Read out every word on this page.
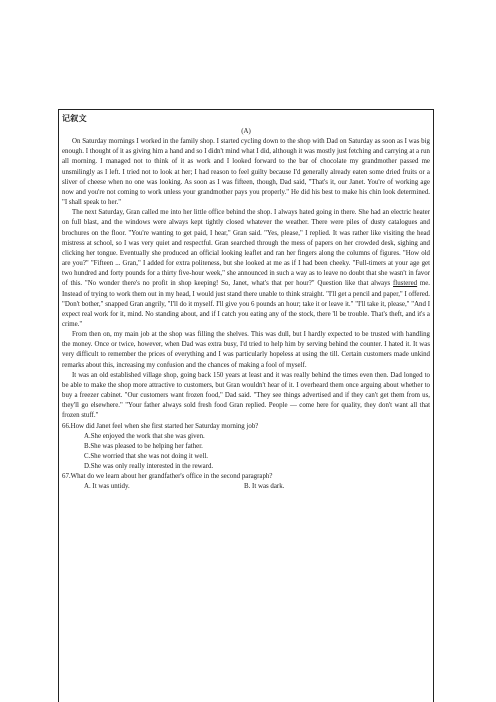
记叙文

(A)

On Saturday mornings I worked in the family shop. I started cycling down to the shop with Dad on Saturday as soon as I was big enough. I thought of it as giving him a hand and so I didn't mind what I did, although it was mostly just fetching and carrying at a run all morning. I managed not to think of it as work and I looked forward to the bar of chocolate my grandmother passed me unsmilingly as I left. I tried not to look at her; I had reason to feel guilty because I'd generally already eaten some dried fruits or a sliver of cheese when no one was looking. As soon as I was fifteen, though, Dad said, "That's it, our Janet. You're of working age now and you're not coming to work unless your grandmother pays you properly." He did his best to make his chin look determined. "I shall speak to her."

The next Saturday, Gran called me into her little office behind the shop. I always hated going in there. She had an electric heater on full blast, and the windows were always kept tightly closed whatever the weather. There were piles of dusty catalogues and brochures on the floor. "You're wanting to get paid, I hear," Gran said. "Yes, please," I replied. It was rather like visiting the head mistress at school, so I was very quiet and respectful. Gran searched through the mess of papers on her crowded desk, sighing and clicking her tongue. Eventually she produced an official looking leaflet and ran her fingers along the columns of figures. "How old are you?" "Fifteen ... Gran," I added for extra politeness, but she looked at me as if I had been cheeky. "Full-timers at your age get two hundred and forty pounds for a thirty five-hour week," she announced in such a way as to leave no doubt that she wasn't in favor of this. "No wonder there's no profit in shop keeping! So, Janet, what's that per hour?" Question like that always flustered me. Instead of trying to work them out in my head, I would just stand there unable to think straight. "I'll get a pencil and paper," I offered. "Don't bother," snapped Gran angrily, "I'll do it myself. I'll give you 6 pounds an hour; take it or leave it." "I'll take it, please," "And I expect real work for it, mind. No standing about, and if I catch you eating any of the stock, there 'll be trouble. That's theft, and it's a crime."

From then on, my main job at the shop was filling the shelves. This was dull, but I hardly expected to be trusted with handling the money. Once or twice, however, when Dad was extra busy, I'd tried to help him by serving behind the counter. I hated it. It was very difficult to remember the prices of everything and I was particularly hopeless at using the till. Certain customers made unkind remarks about this, increasing my confusion and the chances of making a fool of myself.

It was an old established village shop, going back 150 years at least and it was really behind the times even then. Dad longed to be able to make the shop more attractive to customers, but Gran wouldn't hear of it. I overheard them once arguing about whether to buy a freezer cabinet. "Our customers want frozen food," Dad said. "They see things advertised and if they can't get them from us, they'll go elsewhere." "Your father always sold fresh food Gran replied. People — come here for quality, they don't want all that frozen stuff."

66.How did Janet feel when she first started her Saturday morning job?

A.She enjoyed the work that she was given.

B.She was pleased to be helping her father.

C.She worried that she was not doing it well.

D.She was only really interested in the reward.

67.What do we learn about her grandfather's office in the second paragraph?

A. It was untidy.	B. It was dark.
